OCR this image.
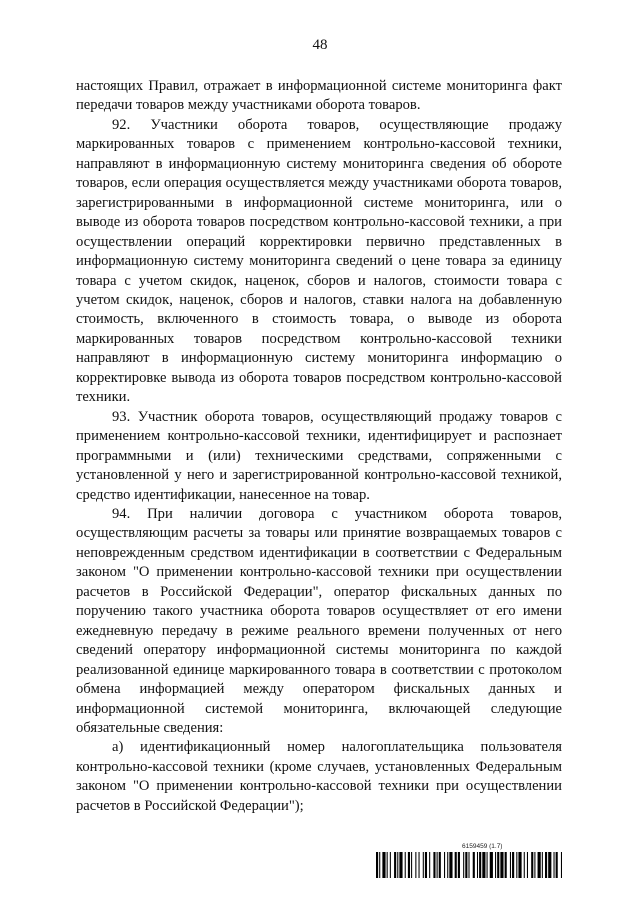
48

настоящих Правил, отражает в информационной системе мониторинга факт передачи товаров между участниками оборота товаров.

92. Участники оборота товаров, осуществляющие продажу маркированных товаров с применением контрольно-кассовой техники, направляют в информационную систему мониторинга сведения об обороте товаров, если операция осуществляется между участниками оборота товаров, зарегистрированными в информационной системе мониторинга, или о выводе из оборота товаров посредством контрольно-кассовой техники, а при осуществлении операций корректировки первично представленных в информационную систему мониторинга сведений о цене товара за единицу товара с учетом скидок, наценок, сборов и налогов, стоимости товара с учетом скидок, наценок, сборов и налогов, ставки налога на добавленную стоимость, включенного в стоимость товара, о выводе из оборота маркированных товаров посредством контрольно-кассовой техники направляют в информационную систему мониторинга информацию о корректировке вывода из оборота товаров посредством контрольно-кассовой техники.

93. Участник оборота товаров, осуществляющий продажу товаров с применением контрольно-кассовой техники, идентифицирует и распознает программными и (или) техническими средствами, сопряженными с установленной у него и зарегистрированной контрольно-кассовой техникой, средство идентификации, нанесенное на товар.

94. При наличии договора с участником оборота товаров, осуществляющим расчеты за товары или принятие возвращаемых товаров с неповрежденным средством идентификации в соответствии с Федеральным законом "О применении контрольно-кассовой техники при осуществлении расчетов в Российской Федерации", оператор фискальных данных по поручению такого участника оборота товаров осуществляет от его имени ежедневную передачу в режиме реального времени полученных от него сведений оператору информационной системы мониторинга по каждой реализованной единице маркированного товара в соответствии с протоколом обмена информацией между оператором фискальных данных и информационной системой мониторинга, включающей следующие обязательные сведения:

а) идентификационный номер налогоплательщика пользователя контрольно-кассовой техники (кроме случаев, установленных Федеральным законом "О применении контрольно-кассовой техники при осуществлении расчетов в Российской Федерации");

6159459 (1.7)
